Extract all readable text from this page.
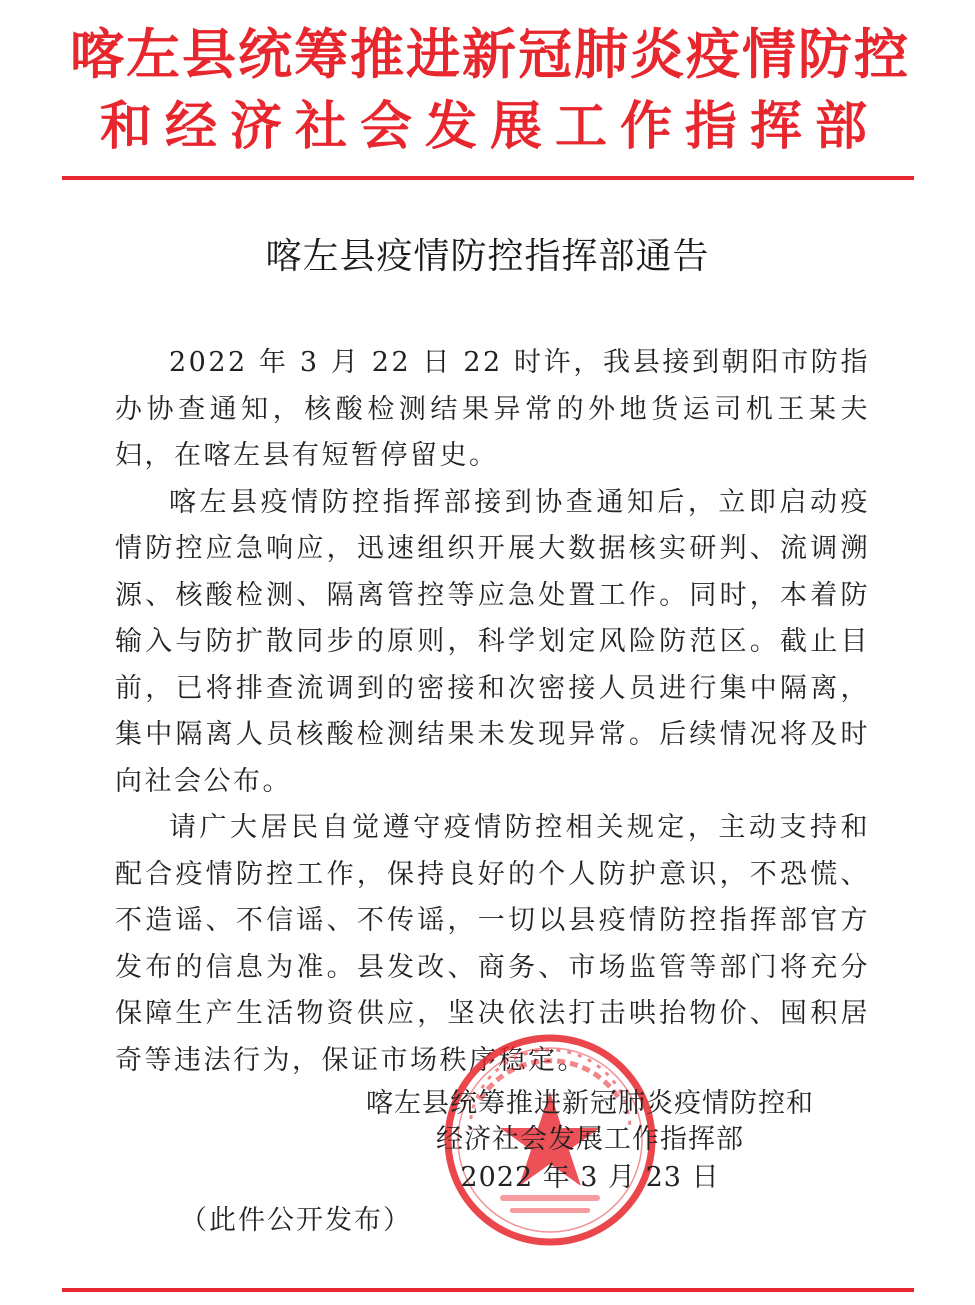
喀左县统筹推进新冠肺炎疫情防控
和经济社会发展工作指挥部
喀左县疫情防控指挥部通告

2022 年 3 月 22 日 22 时许，我县接到朝阳市防指办协查通知，核酸检测结果异常的外地货运司机王某夫妇，在喀左县有短暂停留史。

喀左县疫情防控指挥部接到协查通知后，立即启动疫情防控应急响应，迅速组织开展大数据核实研判、流调溯源、核酸检测、隔离管控等应急处置工作。同时，本着防输入与防扩散同步的原则，科学划定风险防范区。截止目前，已将排查流调到的密接和次密接人员进行集中隔离，集中隔离人员核酸检测结果未发现异常。后续情况将及时向社会公布。

请广大居民自觉遵守疫情防控相关规定，主动支持和配合疫情防控工作，保持良好的个人防护意识，不恐慌、不造谣、不信谣、不传谣，一切以县疫情防控指挥部官方发布的信息为准。县发改、商务、市场监管等部门将充分保障生产生活物资供应，坚决依法打击哄抬物价、囤积居奇等违法行为，保证市场秩序稳定。

喀左县统筹推进新冠肺炎疫情防控和
经济社会发展工作指挥部
2022 年 3 月 23 日
（此件公开发布）
